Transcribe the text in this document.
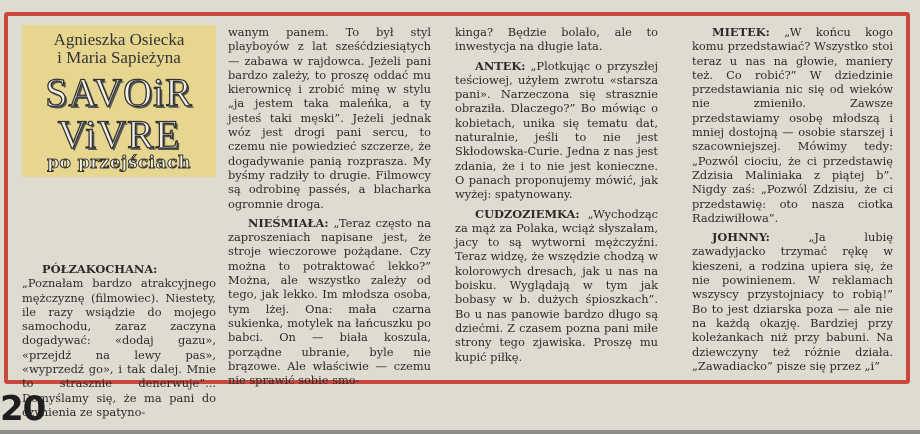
Agnieszka Osiecka
i Maria Sapieżyna
SAVOiR
ViVRE
po przejściach

PÓŁZAKOCHANA: „Poznałam bardzo atrakcyjnego mężczyznę (filmowiec). Niestety, ile razy wsiądzie do mojego samochodu, zaraz zaczyna dogadywać: «dodaj gazu», «przejdź na lewy pas», «wyprzedź go», i tak dalej. Mnie to strasznie denerwuje”... Domyślamy się, że ma pani do czynienia ze spatyno-

wanym panem. To był styl playboyów z lat sześćdziesiątych — zabawa w rajdowca. Jeżeli pani bardzo zależy, to proszę oddać mu kierownicę i zrobić minę w stylu „ja jestem taka maleńka, a ty jesteś taki męski”. Jeżeli jednak wóz jest drogi pani sercu, to czemu nie powiedzieć szczerze, że dogadywanie panią rozprasza. My byśmy radziły to drugie. Filmowcy są odrobinę passés, a blacharka ogromnie droga.

NIEŚMIAŁA: „Teraz często na zaproszeniach napisane jest, że stroje wieczorowe pożądane. Czy można to potraktować lekko?” Można, ale wszystko zależy od tego, jak lekko. Im młodsza osoba, tym lżej. Ona: mała czarna sukienka, motylek na łańcuszku po babci. On — biała koszula, porządne ubranie, byle nie brązowe. Ale właściwie — czemu nie sprawić sobie smo-

kinga? Będzie bolało, ale to inwestycja na długie lata.

ANTEK: „Plotkując o przyszłej teściowej, użyłem zwrotu «starsza pani». Narzeczona się strasznie obraziła. Dlaczego?” Bo mówiąc o kobietach, unika się tematu dat, naturalnie, jeśli to nie jest Skłodowska-Curie. Jedna z nas jest zdania, że i to nie jest konieczne. O panach proponujemy mówić, jak wyżej: spatynowany.

CUDZOZIEMKA: „Wychodząc za mąż za Polaka, wciąż słyszałam, jacy to są wytworni mężczyźni. Teraz widzę, że wszędzie chodzą w kolorowych dresach, jak u nas na boisku. Wyglądają w tym jak bobasy w b. dużych śpioszkach”. Bo u nas panowie bardzo długo są dziećmi. Z czasem pozna pani miłe strony tego zjawiska. Proszę mu kupić piłkę.

MIETEK: „W końcu kogo komu przedstawiać? Wszystko stoi teraz u nas na głowie, maniery też. Co robić?” W dziedzinie przedstawiania nic się od wieków nie zmieniło. Zawsze przedstawiamy osobę młodszą i mniej dostojną — osobie starszej i szacowniejszej. Mówimy tedy: „Pozwól ciociu, że ci przedstawię Zdzisia Maliniaka z piątej b”. Nigdy zaś: „Pozwól Zdzisiu, że ci przedstawię: oto nasza ciotka Radziwiłłowa”.

JOHNNY: „Ja lubię zawadyjacko trzymać rękę w kieszeni, a rodzina upiera się, że nie powinienem. W reklamach wszyscy przystojniacy to robią!” Bo to jest dziarska poza — ale nie na każdą okazję. Bardziej przy koleżankach niż przy babuni. Na dziewczyny też różnie działa. „Zawadiacko” pisze się przez „i”

20
